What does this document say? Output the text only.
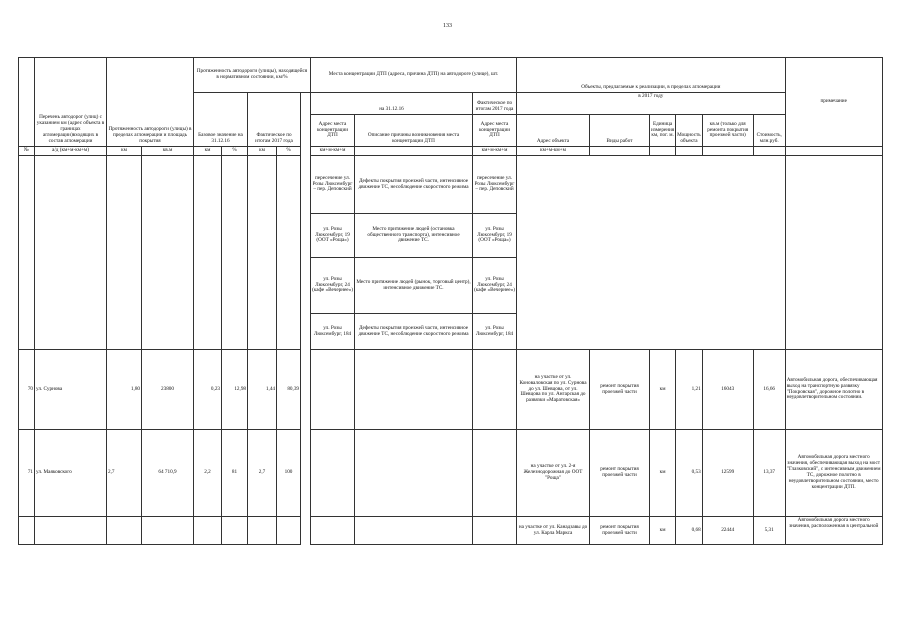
133
	Перечень автодорог (улиц) с указанием км (адрес объекта в границах агломерации)входящих в состав агломерации	Протяженность автодороги (улицы) в пределах агломерации и площадь покрытия		Протяженность автодороги (улицы), находящейся в нормативном состоянии, км/%					Места концентрации ДТП (адреса, причина ДТП) на автодороге (улице), шт.			Объекты, предлагаемые к реализации, в пределах агломерации						примечание
				Базовое значение на 31.12.16		Фактическое по итогам 2017 года			на 31.12.16		Фактическое по итогам 2017 года	в 2017 году						
									Адрес места концентрации ДТП	Описание причины возникновения места концентрации ДТП	Адрес места концентрации ДТП	Адрес объекта	Виды работ	Единица измерения км, пог. м.	Мощность объекта	кв.м (только для ремонта покрытия проезжей части)	Стоимость, млн.руб.	

№	а/д (км+м-км+м)	км	кв.м	км	%	км	%		км+м-км+м		км+м-км+м	км+м-км+м						
									пересечение ул. Розы Люксембург – пер. Деповский	Дефекты покрытия проезжей части, интенсивное движение ТС, несоблюдение скоростного режима	пересечение ул. Розы Люксембург – пер. Деповский							
									ул. Розы Люксембург, 19 (ООТ «Роща»)	Место притяжение людей (остановка общественного транспорта), интенсивное движение ТС.	ул. Розы Люксембург, 19 (ООТ «Роща»)							
									ул. Розы Люксембург, 24 (кафе «Вечернее»)	Место притяжение людей (рынок, торговый центр), интенсивное движение ТС.	ул. Розы Люксембург, 24 (кафе «Вечернее»)							
									ул. Розы Люксембург, 184	Дефекты покрытия проезжей части, интенсивное движение ТС, несоблюдение скоростного режима	ул. Розы Люксембург, 184							
70	ул. Сурнова	1,80	23800	0,23	12,98	1,44	80,39					на участке от ул. Коноваловская по ул. Сурнова до ул. Шевцова, от ул. Шевцова по ул. Ангарская до развязки «Маратовская»	ремонт покрытия проезжей части	км	1,21	16043	16,66	Автомобильная дорога, обеспечивающая выход на транспортную развязку "Покровская", дорожное полотно в неудовлетворительном состоянии.
71	ул. Маяковского	2,7	64 710,9	2,2	81	2,7	100					на участке от ул. 2-я Железнодорожная до ООТ "Роща"	ремонт покрытия проезжей части	км	0,53	12599	13,37	Автомобильная дорога местного значения, обеспечивающая выход на мост "Глазковский", с интенсивным движением ТС, дорожное полотно в неудовлетворительном состоянии, место концентрации ДТП.
												на участке от ул. Канадзавы до ул. Карла Маркса	ремонт покрытия проезжей части	км	0,68	22444	5,31	Автомобильная дорога местного значения, расположенная в центральной
